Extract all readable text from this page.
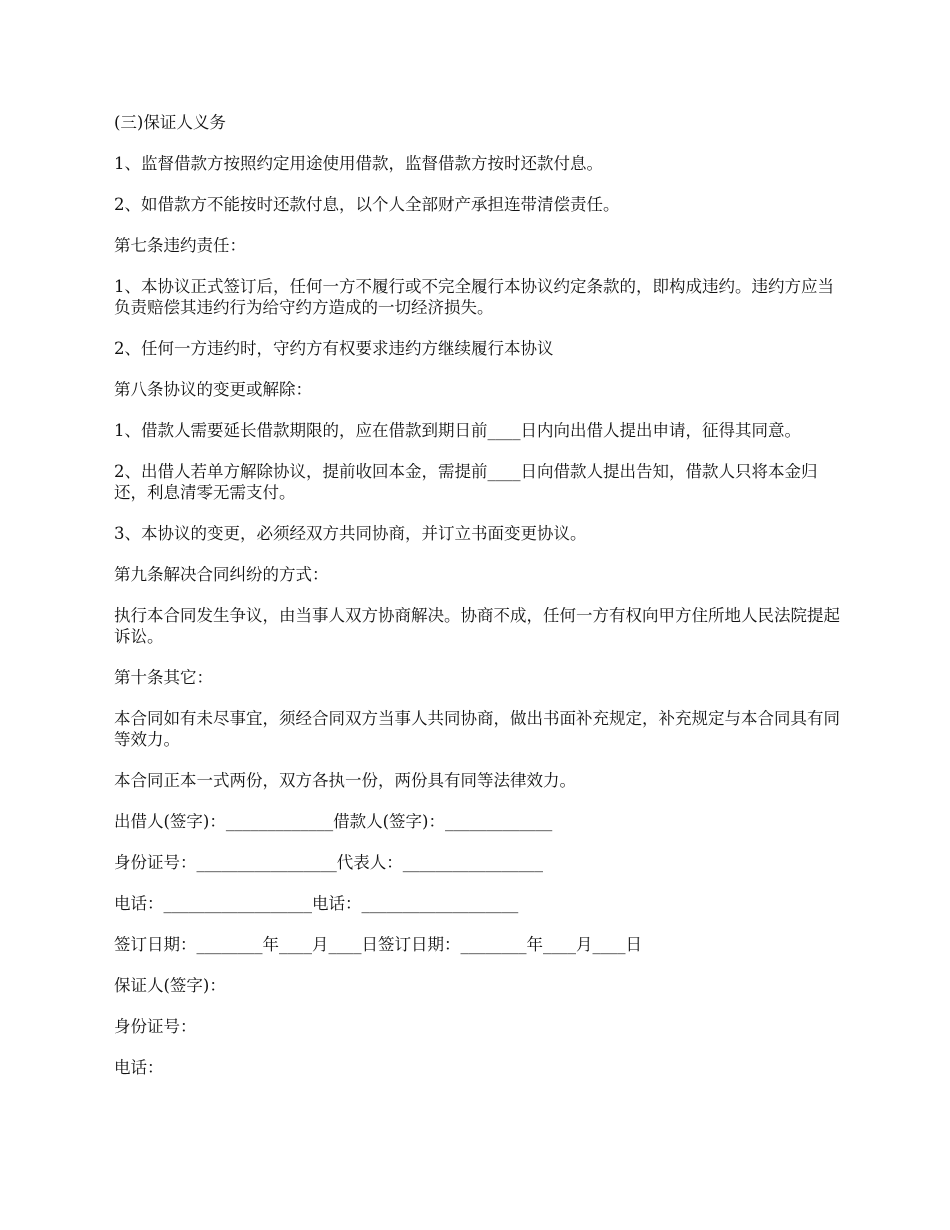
(三)保证人义务

1、监督借款方按照约定用途使用借款，监督借款方按时还款付息。

2、如借款方不能按时还款付息，以个人全部财产承担连带清偿责任。

第七条违约责任：

1、本协议正式签订后，任何一方不履行或不完全履行本协议约定条款的，即构成违约。违约方应当负责赔偿其违约行为给守约方造成的一切经济损失。

2、任何一方违约时，守约方有权要求违约方继续履行本协议

第八条协议的变更或解除：

1、借款人需要延长借款期限的，应在借款到期日前____日内向出借人提出申请，征得其同意。

2、出借人若单方解除协议，提前收回本金，需提前____日向借款人提出告知，借款人只将本金归还，利息清零无需支付。

3、本协议的变更，必须经双方共同协商，并订立书面变更协议。

第九条解决合同纠纷的方式：

执行本合同发生争议，由当事人双方协商解决。协商不成，任何一方有权向甲方住所地人民法院提起诉讼。

第十条其它：

本合同如有未尽事宜，须经合同双方当事人共同协商，做出书面补充规定，补充规定与本合同具有同等效力。

本合同正本一式两份，双方各执一份，两份具有同等法律效力。

出借人(签字)：_____________借款人(签字)：_____________

身份证号：_________________代表人：_________________

电话：__________________电话：___________________

签订日期：________年____月____日签订日期：________年____月____日

保证人(签字)：

身份证号：

电话：
